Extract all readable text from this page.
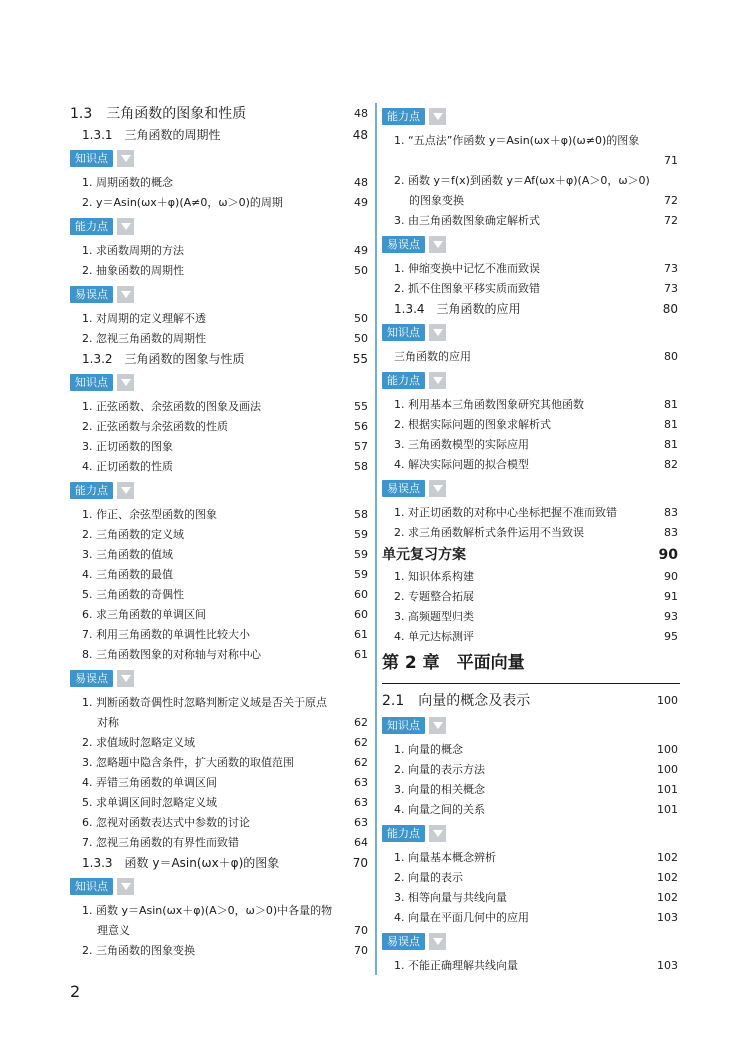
1.3　三角函数的图象和性质	48
1.3.1　三角函数的周期性	48
知识点
1. 周期函数的概念	48
2. y＝Asin(ωx＋φ)(A≠0，ω＞0)的周期	49
能力点
1. 求函数周期的方法	49
2. 抽象函数的周期性	50
易误点
1. 对周期的定义理解不透	50
2. 忽视三角函数的周期性	50
1.3.2　三角函数的图象与性质	55
知识点
1. 正弦函数、余弦函数的图象及画法	55
2. 正弦函数与余弦函数的性质	56
3. 正切函数的图象	57
4. 正切函数的性质	58
能力点
1. 作正、余弦型函数的图象	58
2. 三角函数的定义域	59
3. 三角函数的值域	59
4. 三角函数的最值	59
5. 三角函数的奇偶性	60
6. 求三角函数的单调区间	60
7. 利用三角函数的单调性比较大小	61
8. 三角函数图象的对称轴与对称中心	61
易误点
1. 判断函数奇偶性时忽略判断定义域是否关于原点
对称	62
2. 求值域时忽略定义域	62
3. 忽略题中隐含条件，扩大函数的取值范围	62
4. 弄错三角函数的单调区间	63
5. 求单调区间时忽略定义域	63
6. 忽视对函数表达式中参数的讨论	63
7. 忽视三角函数的有界性而致错	64
1.3.3　函数 y＝Asin(ωx＋φ)的图象	70
知识点
1. 函数 y＝Asin(ωx＋φ)(A＞0，ω＞0)中各量的物
理意义	70
2. 三角函数的图象变换	70
能力点
1. “五点法”作函数 y＝Asin(ωx＋φ)(ω≠0)的图象
71
2. 函数 y＝f(x)到函数 y＝Af(ωx＋φ)(A＞0，ω＞0)
的图象变换	72
3. 由三角函数图象确定解析式	72
易误点
1. 伸缩变换中记忆不准而致误	73
2. 抓不住图象平移实质而致错	73
1.3.4　三角函数的应用	80
知识点
三角函数的应用	80
能力点
1. 利用基本三角函数图象研究其他函数	81
2. 根据实际问题的图象求解析式	81
3. 三角函数模型的实际应用	81
4. 解决实际问题的拟合模型	82
易误点
1. 对正切函数的对称中心坐标把握不准而致错	83
2. 求三角函数解析式条件运用不当致误	83
单元复习方案	90
1. 知识体系构建	90
2. 专题整合拓展	91
3. 高频题型归类	93
4. 单元达标测评	95
第 2 章　平面向量
2.1　向量的概念及表示	100
知识点
1. 向量的概念	100
2. 向量的表示方法	100
3. 向量的相关概念	101
4. 向量之间的关系	101
能力点
1. 向量基本概念辨析	102
2. 向量的表示	102
3. 相等向量与共线向量	102
4. 向量在平面几何中的应用	103
易误点
1. 不能正确理解共线向量	103
2
